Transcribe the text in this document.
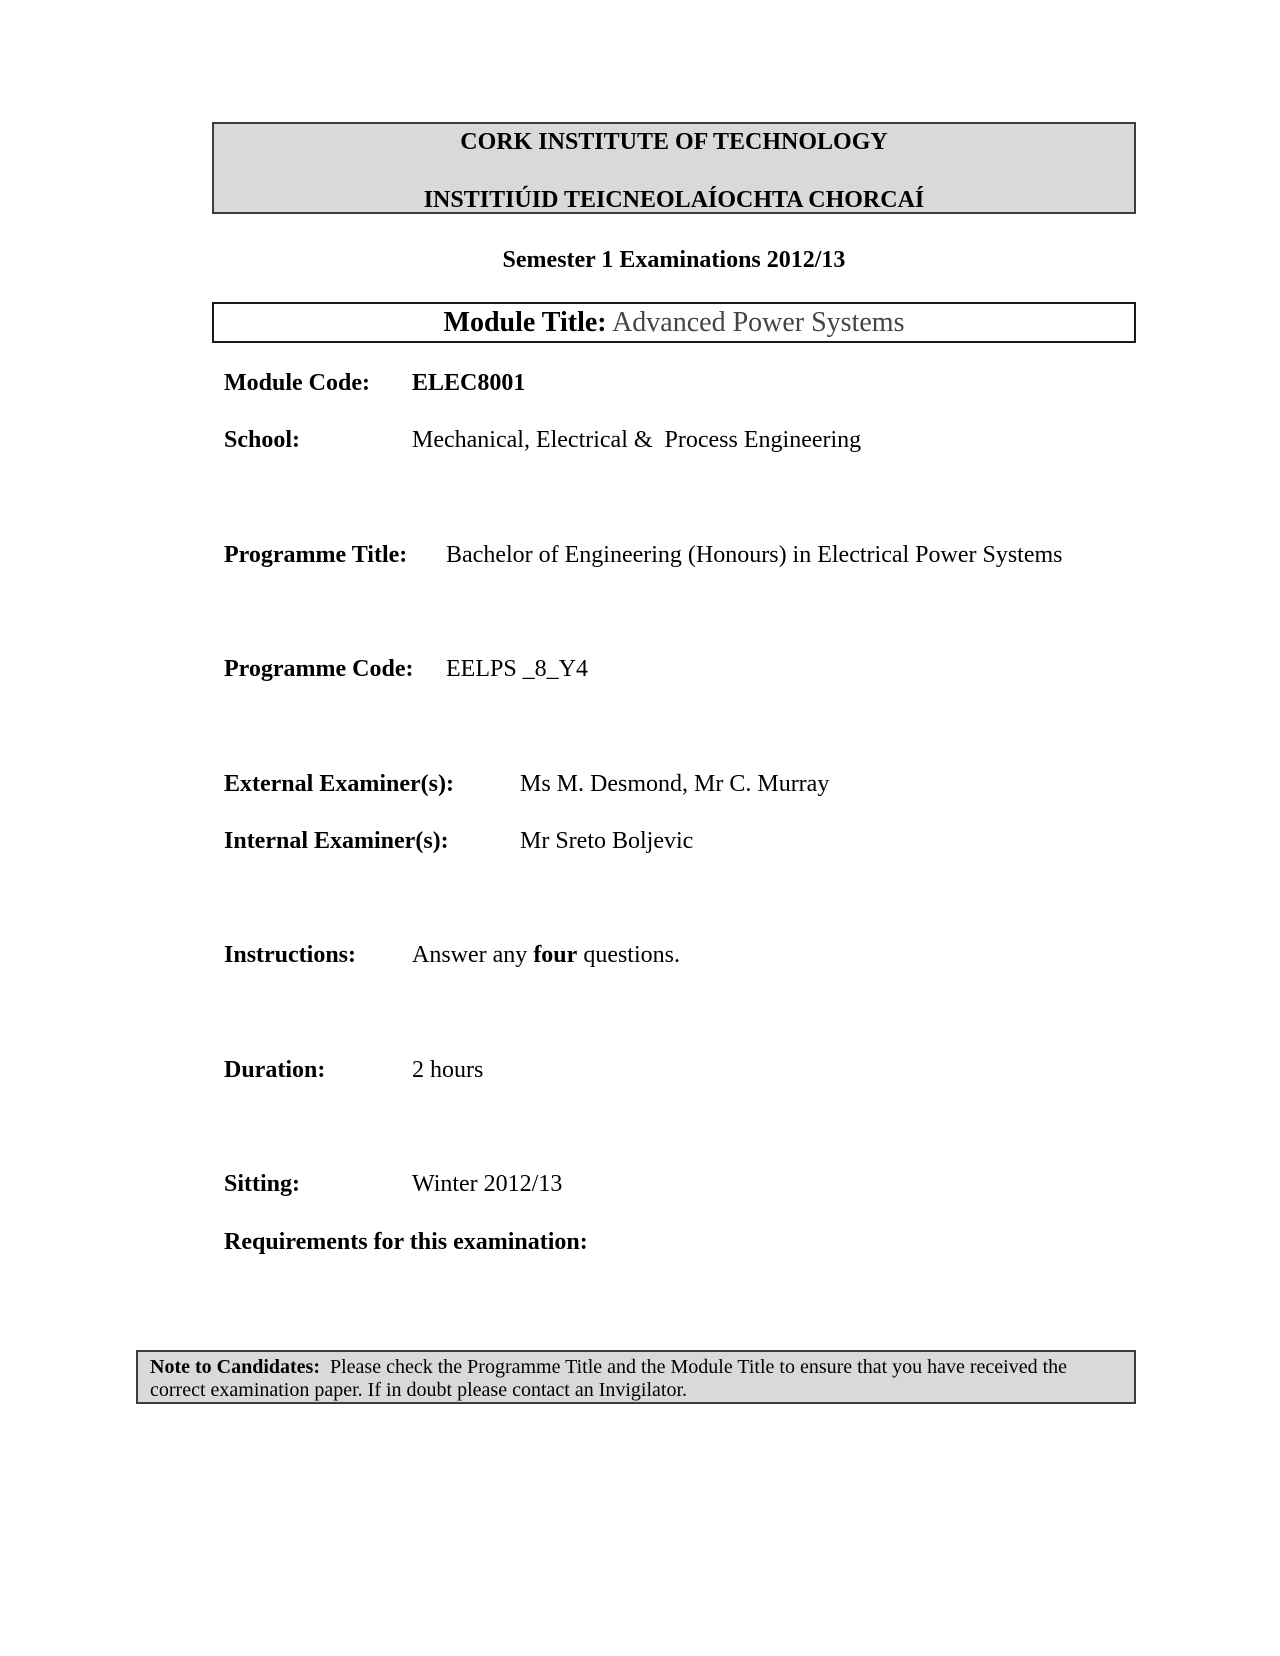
CORK INSTITUTE OF TECHNOLOGY
INSTITIÚID TEICNEOLAÍOCHTA CHORCAÍ
Semester 1 Examinations 2012/13
Module Title: Advanced Power Systems
Module Code: ELEC8001
School:	Mechanical, Electrical &  Process Engineering
Programme Title: Bachelor of Engineering (Honours) in Electrical Power Systems
Programme Code: EELPS _8_Y4
External Examiner(s):	Ms M. Desmond, Mr C. Murray
Internal Examiner(s):	Mr Sreto Boljevic
Instructions: Answer any four questions.
Duration:	2 hours
Sitting:	Winter 2012/13
Requirements for this examination:
Note to Candidates: Please check the Programme Title and the Module Title to ensure that you have received the
correct examination paper. If in doubt please contact an Invigilator.
